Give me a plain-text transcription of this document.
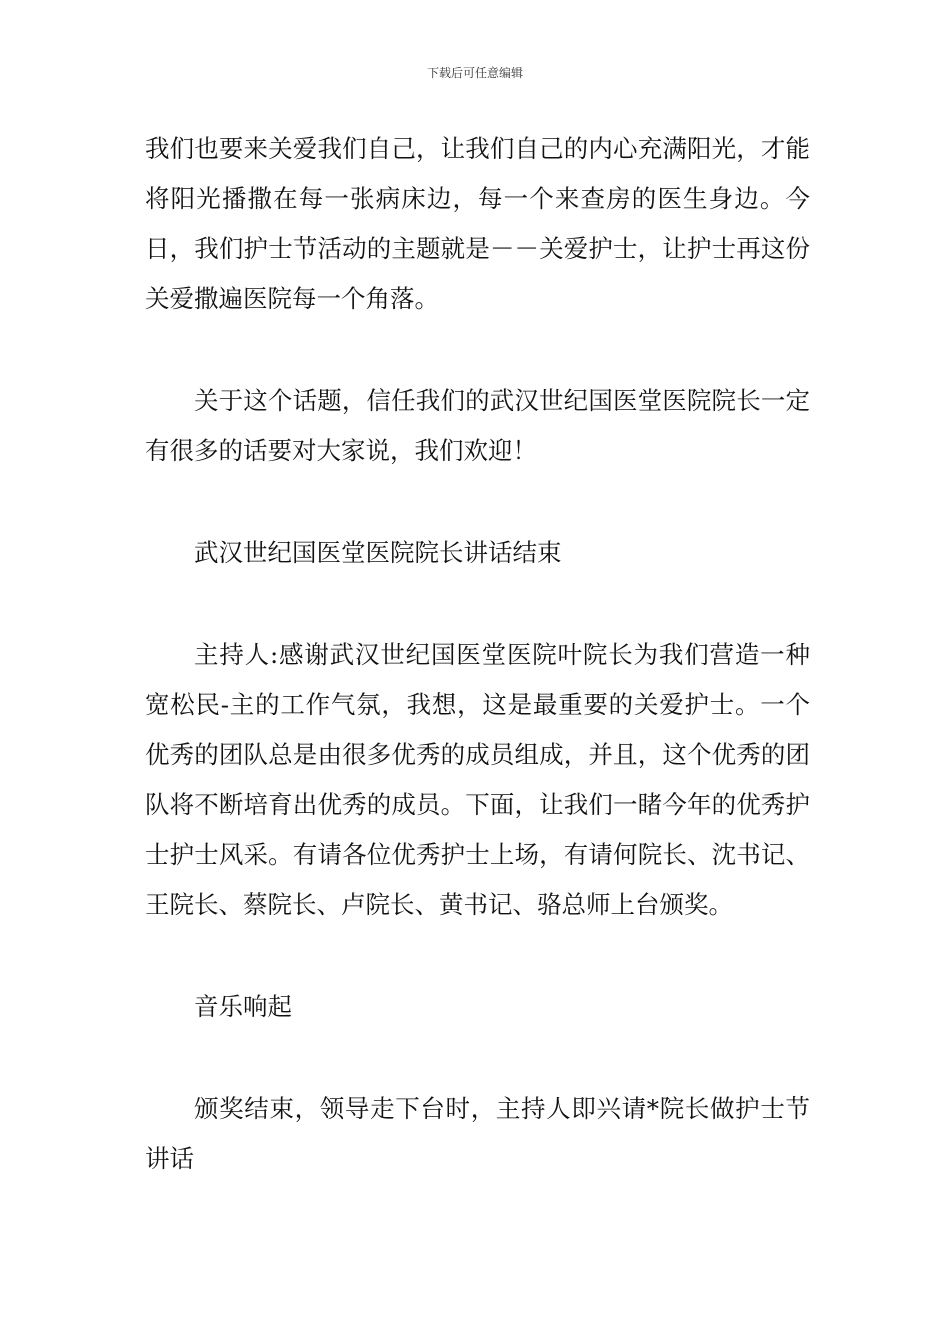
下载后可任意编辑

我们也要来关爱我们自己，让我们自己的内心充满阳光，才能将阳光播撒在每一张病床边，每一个来查房的医生身边。今日，我们护士节活动的主题就是－－关爱护士，让护士再这份关爱撒遍医院每一个角落。

关于这个话题，信任我们的武汉世纪国医堂医院院长一定有很多的话要对大家说，我们欢迎！

武汉世纪国医堂医院院长讲话结束

主持人:感谢武汉世纪国医堂医院叶院长为我们营造一种宽松民-主的工作气氛，我想，这是最重要的关爱护士。一个优秀的团队总是由很多优秀的成员组成，并且，这个优秀的团队将不断培育出优秀的成员。下面，让我们一睹今年的优秀护士护士风采。有请各位优秀护士上场，有请何院长、沈书记、王院长、蔡院长、卢院长、黄书记、骆总师上台颁奖。

音乐响起

颁奖结束，领导走下台时，主持人即兴请*院长做护士节讲话
